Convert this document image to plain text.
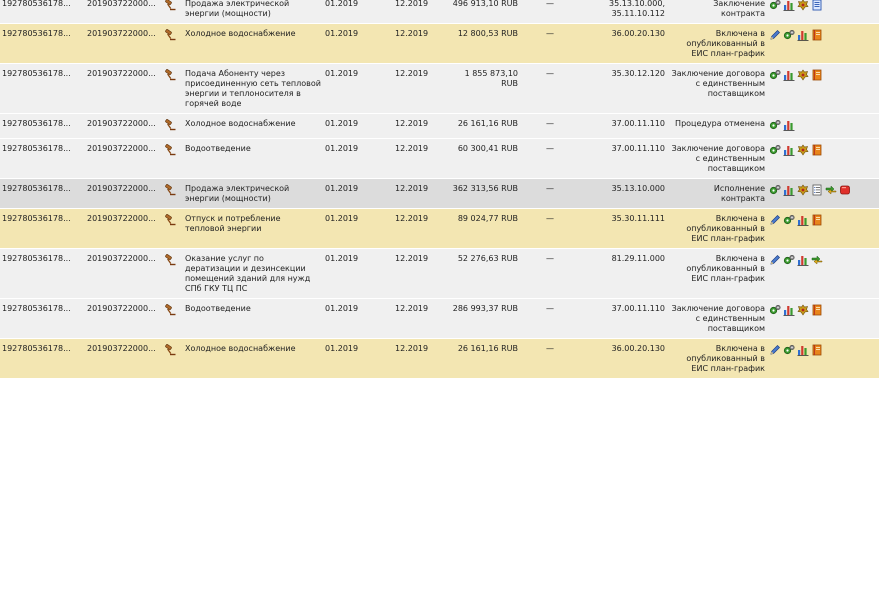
192780536178...	201903722000...		Продажа электрической энергии (мощности)	01.2019	12.2019	496 913,10 RUB	—	35.13.10.000, 35.11.10.112	Заключение контракта	

192780536178...	201903722000...		Холодное водоснабжение	01.2019	12.2019	12 800,53 RUB	—	36.00.20.130	Включена в опубликованный в ЕИС план-график	

192780536178...	201903722000...		Подача Абоненту через присоединенную сеть тепловой энергии и теплоносителя в горячей воде	01.2019	12.2019	1 855 873,10 RUB	—	35.30.12.120	Заключение договора с единственным поставщиком	

192780536178...	201903722000...		Холодное водоснабжение	01.2019	12.2019	26 161,16 RUB	—	37.00.11.110	Процедура отменена	

192780536178...	201903722000...		Водоотведение	01.2019	12.2019	60 300,41 RUB	—	37.00.11.110	Заключение договора с единственным поставщиком	

192780536178...	201903722000...		Продажа электрической энергии (мощности)	01.2019	12.2019	362 313,56 RUB	—	35.13.10.000	Исполнение контракта	

192780536178...	201903722000...		Отпуск и потребление тепловой энергии	01.2019	12.2019	89 024,77 RUB	—	35.30.11.111	Включена в опубликованный в ЕИС план-график	

192780536178...	201903722000...		Оказание услуг по дератизации и дезинсекции помещений зданий для нужд СПб ГКУ ТЦ ПС	01.2019	12.2019	52 276,63 RUB	—	81.29.11.000	Включена в опубликованный в ЕИС план-график	

192780536178...	201903722000...		Водоотведение	01.2019	12.2019	286 993,37 RUB	—	37.00.11.110	Заключение договора с единственным поставщиком	

192780536178...	201903722000...		Холодное водоснабжение	01.2019	12.2019	26 161,16 RUB	—	36.00.20.130	Включена в опубликованный в ЕИС план-график	
